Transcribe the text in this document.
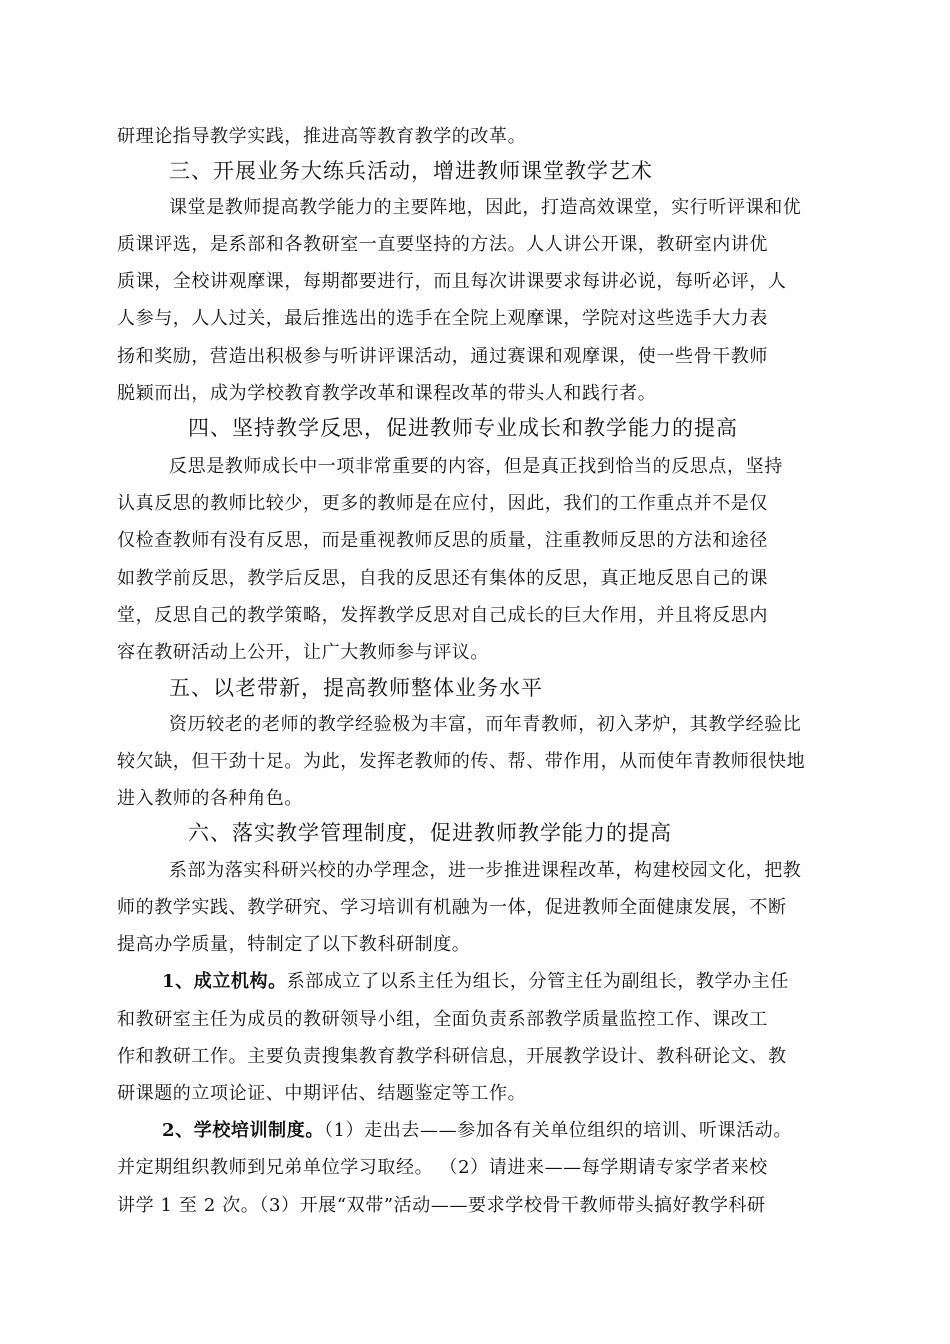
研理论指导教学实践，推进高等教育教学的改革。
三、开展业务大练兵活动，增进教师课堂教学艺术
课堂是教师提高教学能力的主要阵地，因此，打造高效课堂，实行听评课和优
质课评选，是系部和各教研室一直要坚持的方法。人人讲公开课，教研室内讲优
质课，全校讲观摩课，每期都要进行，而且每次讲课要求每讲必说，每听必评，人
人参与，人人过关，最后推选出的选手在全院上观摩课，学院对这些选手大力表
扬和奖励，营造出积极参与听讲评课活动，通过赛课和观摩课，使一些骨干教师
脱颖而出，成为学校教育教学改革和课程改革的带头人和践行者。
四、坚持教学反思，促进教师专业成长和教学能力的提高
反思是教师成长中一项非常重要的内容，但是真正找到恰当的反思点，坚持
认真反思的教师比较少，更多的教师是在应付，因此，我们的工作重点并不是仅
仅检查教师有没有反思，而是重视教师反思的质量，注重教师反思的方法和途径
如教学前反思，教学后反思，自我的反思还有集体的反思，真正地反思自己的课
堂，反思自己的教学策略，发挥教学反思对自己成长的巨大作用，并且将反思内
容在教研活动上公开，让广大教师参与评议。
五、以老带新，提高教师整体业务水平
资历较老的老师的教学经验极为丰富，而年青教师，初入茅炉，其教学经验比
较欠缺，但干劲十足。为此，发挥老教师的传、帮、带作用，从而使年青教师很快地
进入教师的各种角色。
六、落实教学管理制度，促进教师教学能力的提高
系部为落实科研兴校的办学理念，进一步推进课程改革，构建校园文化，把教
师的教学实践、教学研究、学习培训有机融为一体，促进教师全面健康发展，不断
提高办学质量，特制定了以下教科研制度。
1、成立机构。系部成立了以系主任为组长，分管主任为副组长，教学办主任
和教研室主任为成员的教研领导小组，全面负责系部教学质量监控工作、课改工
作和教研工作。主要负责搜集教育教学科研信息，开展教学设计、教科研论文、教
研课题的立项论证、中期评估、结题鉴定等工作。
2、学校培训制度。（1）走出去——参加各有关单位组织的培训、听课活动。
并定期组织教师到兄弟单位学习取经。 （2）请进来——每学期请专家学者来校
讲学 1 至 2 次。（3）开展“双带”活动——要求学校骨干教师带头搞好教学科研
